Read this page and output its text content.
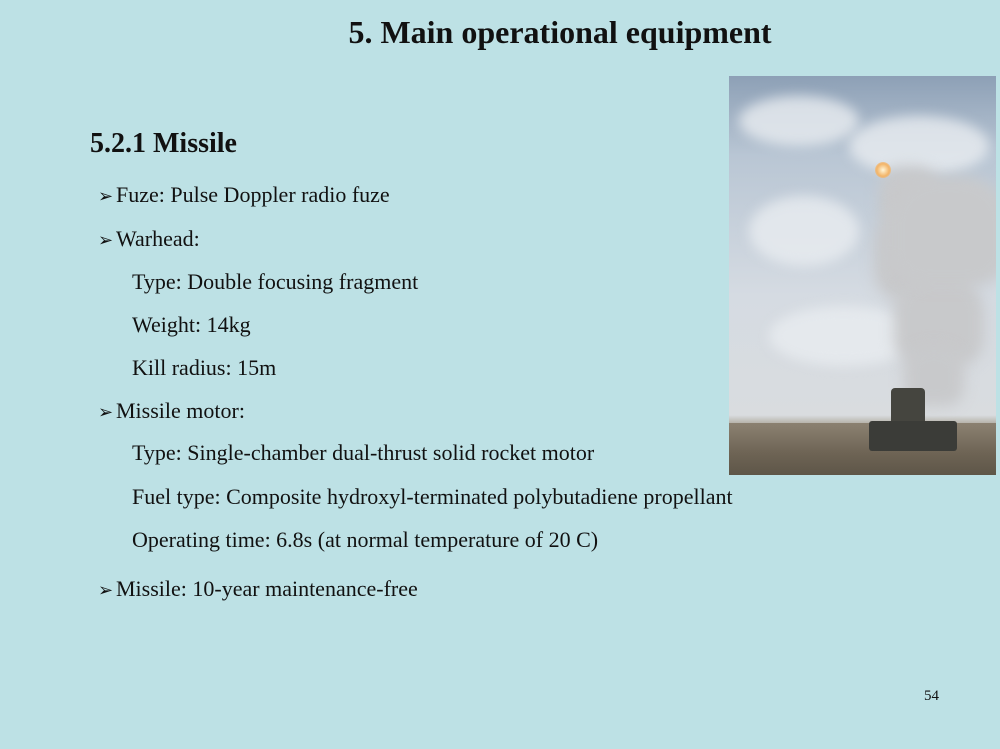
5. Main operational equipment
5.2.1 Missile
➢ Fuze: Pulse Doppler radio fuze
➢ Warhead:
Type: Double focusing fragment
Weight: 14kg
Kill radius: 15m
➢ Missile motor:
Type: Single-chamber dual-thrust solid rocket motor
Fuel type: Composite hydroxyl-terminated polybutadiene propellant
Operating time: 6.8s (at normal temperature of 20 C)
➢ Missile: 10-year maintenance-free
54
